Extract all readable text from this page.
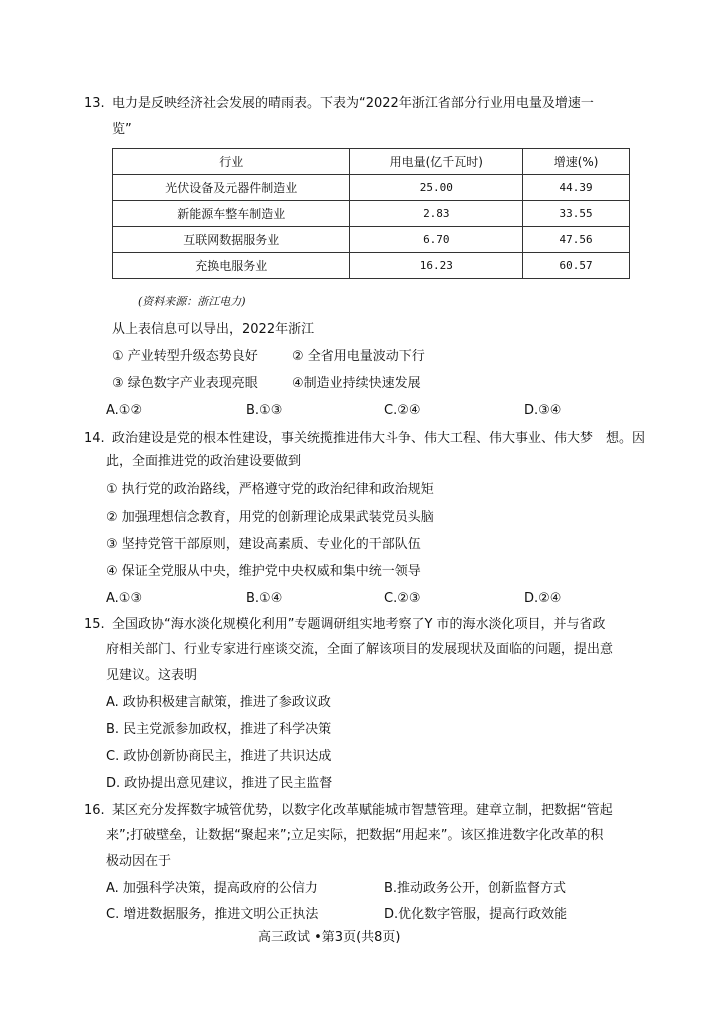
13. 电力是反映经济社会发展的晴雨表。下表为“2022年浙江省部分行业用电量及增速一
览”
行业	用电量(亿千瓦时)	增速(%)
光伏设备及元器件制造业	25.00	44.39
新能源车整车制造业	2.83	33.55
互联网数据服务业	6.70	47.56
充换电服务业	16.23	60.57
(资料来源：浙江电力)
从上表信息可以导出，2022年浙江
① 产业转型升级态势良好	② 全省用电量波动下行
③ 绿色数字产业表现亮眼	④制造业持续快速发展
A.①②	B.①③	C.②④	D.③④
14. 政治建设是党的根本性建设，事关统揽推进伟大斗争、伟大工程、伟大事业、伟大梦　想。因
此，全面推进党的政治建设要做到
① 执行党的政治路线，严格遵守党的政治纪律和政治规矩
② 加强理想信念教育，用党的创新理论成果武装党员头脑
③ 坚持党管干部原则，建设高素质、专业化的干部队伍
④ 保证全党服从中央，维护党中央权威和集中统一领导
A.①③	B.①④	C.②③	D.②④
15. 全国政协“海水淡化规模化利用”专题调研组实地考察了Y 市的海水淡化项目，并与省政
府相关部门、行业专家进行座谈交流，全面了解该项目的发展现状及面临的问题，提出意
见建议。这表明
A. 政协积极建言献策，推进了参政议政
B. 民主党派参加政权，推进了科学决策
C. 政协创新协商民主，推进了共识达成
D. 政协提出意见建议，推进了民主监督
16. 某区充分发挥数字城管优势，以数字化改革赋能城市智慧管理。建章立制，把数据“管起
来”;打破壁垒，让数据“聚起来”;立足实际，把数据“用起来”。该区推进数字化改革的积
极动因在于
A. 加强科学决策，提高政府的公信力	B.推动政务公开，创新监督方式
C. 增进数据服务，推进文明公正执法	D.优化数字管服，提高行政效能
高三政试 •第3页(共8页)
